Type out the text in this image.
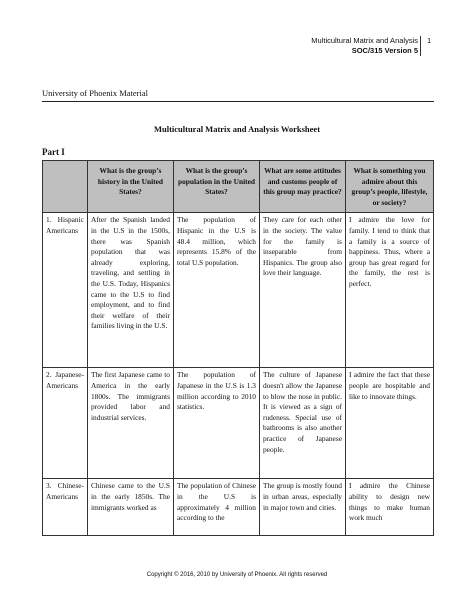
Multicultural Matrix and Analysis
SOC/315 Version 5
1
University of Phoenix Material
Multicultural Matrix and Analysis Worksheet
Part I
	What is the group’s history in the United States?	What is the group’s population in the United States?	What are some attitudes and customs people of this group may practice?	What is something you admire about this group’s people, lifestyle, or society?
1. Hispanic Americans	After the Spanish landed in the U.S in the 1500s, there was Spanish population that was already exploring, traveling, and settling in the U.S. Today, Hispanics came to the U.S to find employment, and to find their welfare of their families living in the U.S.	The population of Hispanic in the U.S is 48.4 million, which represents 15.8% of the total U.S population.	They care for each other in the society. The value for the family is inseparable from Hispanics. The group also love their language.	I admire the love for family. I tend to think that a family is a source of happiness. Thus, where a group has great regard for the family, the rest is perfect.
2. Japanese-Americans	The first Japanese came to America in the early 1800s. The immigrants provided labor and industrial services.	The population of Japanese in the U.S is 1.3 million according to 2010 statistics.	The culture of Japanese doesn't allow the Japanese to blow the nose in public. It is viewed as a sign of rudeness. Special use of bathrooms is also another practice of Japanese people.	I admire the fact that these people are hospitable and like to innovate things.
3. Chinese-Americans	Chinese came to the U.S in the early 1850s. The immigrants worked as	The population of Chinese in the U.S is approximately 4 million according to the	The group is mostly found in urban areas, especially in major town and cities.	I admire the Chinese ability to design new things to make human work much
Copyright © 2016, 2010 by University of Phoenix. All rights reserved
